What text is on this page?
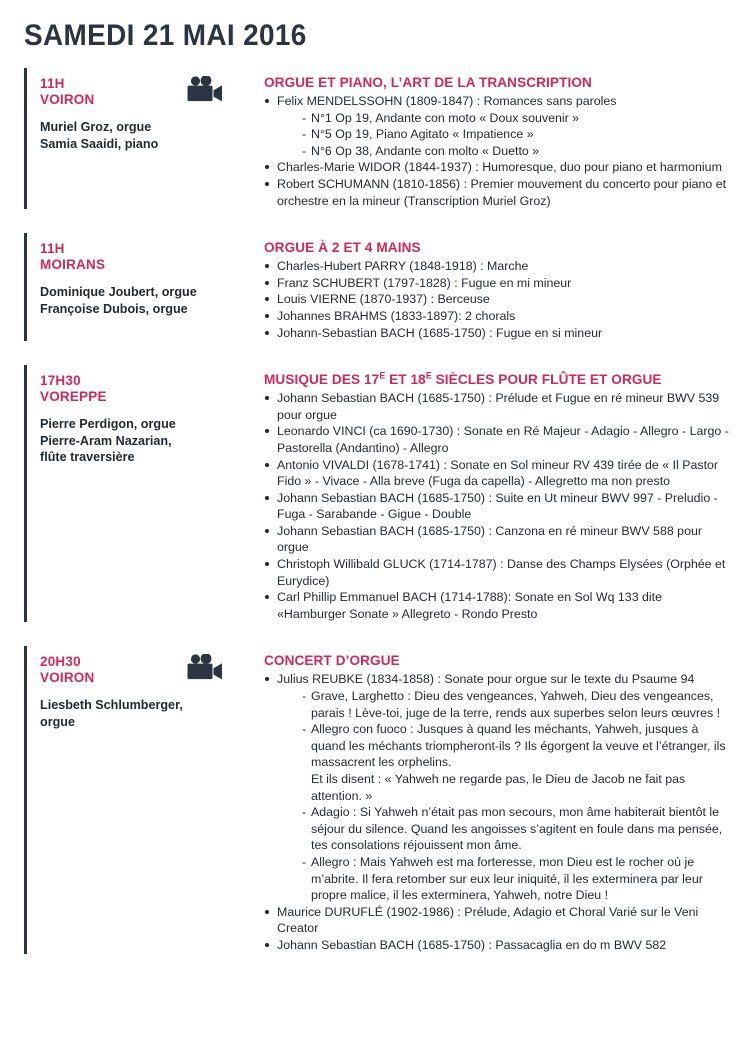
SAMEDI 21 MAI 2016
11H
VOIRON
Muriel Groz, orgue
Samia Saaidi, piano
ORGUE ET PIANO, L’ART DE LA TRANSCRIPTION
Felix MENDELSSOHN (1809-1847) : Romances sans paroles
- N°1 Op 19, Andante con moto « Doux souvenir »
- N°5 Op 19, Piano Agitato « Impatience »
- N°6 Op 38, Andante con molto « Duetto »
Charles-Marie WIDOR (1844-1937) : Humoresque, duo pour piano et harmonium
Robert SCHUMANN (1810-1856) : Premier mouvement du concerto pour piano et orchestre en la mineur (Transcription Muriel Groz)
11H
MOIRANS
Dominique Joubert, orgue
Françoise Dubois, orgue
ORGUE À 2 ET 4 MAINS
Charles-Hubert PARRY (1848-1918) : Marche
Franz SCHUBERT (1797-1828) : Fugue en mi mineur
Louis VIERNE (1870-1937) : Berceuse
Johannes BRAHMS (1833-1897): 2 chorals
Johann-Sebastian BACH (1685-1750) : Fugue en si mineur
17H30
VOREPPE
Pierre Perdigon, orgue
Pierre-Aram Nazarian,
flûte traversière
MUSIQUE DES $17^E$ ET $18^E$ SIÈCLES POUR FLÛTE ET ORGUE
Johann Sebastian BACH (1685-1750) : Prélude et Fugue en ré mineur BWV 539 pour orgue
Leonardo VINCI (ca 1690-1730) : Sonate en Ré Majeur - Adagio - Allegro - Largo - Pastorella (Andantino) - Allegro
Antonio VIVALDI (1678-1741) : Sonate en Sol mineur RV 439 tirée de « Il Pastor Fido » - Vivace - Alla breve (Fuga da capella) - Allegretto ma non presto
Johann Sebastian BACH (1685-1750) : Suite en Ut mineur BWV 997 - Preludio - Fuga - Sarabande - Gigue - Double
Johann Sebastian BACH (1685-1750) : Canzona en ré mineur BWV 588 pour orgue
Christoph Willibald GLUCK (1714-1787) : Danse des Champs Elysées (Orphée et Eurydice)
Carl Phillip Emmanuel BACH (1714-1788): Sonate en Sol Wq 133 dite «Hamburger Sonate » Allegreto - Rondo Presto
20H30
VOIRON
Liesbeth Schlumberger,
orgue
CONCERT D’ORGUE
Julius REUBKE (1834-1858) : Sonate pour orgue sur le texte du Psaume 94
- Grave, Larghetto : Dieu des vengeances, Yahweh, Dieu des vengeances, parais ! Lève-toi, juge de la terre, rends aux superbes selon leurs œuvres !
- Allegro con fuoco : Jusques à quand les méchants, Yahweh, jusques à quand les méchants triompheront-ils ? Ils égorgent la veuve et l’étranger, ils massacrent les orphelins.
Et ils disent : « Yahweh ne regarde pas, le Dieu de Jacob ne fait pas attention. »
- Adagio : Si Yahweh n’était pas mon secours, mon âme habiterait bientôt le séjour du silence. Quand les angoisses s’agitent en foule dans ma pensée, tes consolations réjouissent mon âme.
- Allegro : Mais Yahweh est ma forteresse, mon Dieu est le rocher où je m’abrite. Il fera retomber sur eux leur iniquité, il les exterminera par leur propre malice, il les exterminera, Yahweh, notre Dieu !
Maurice DURUFLÉ (1902-1986) : Prélude, Adagio et Choral Varié sur le Veni Creator
Johann Sebastian BACH (1685-1750) : Passacaglia en do m BWV 582
